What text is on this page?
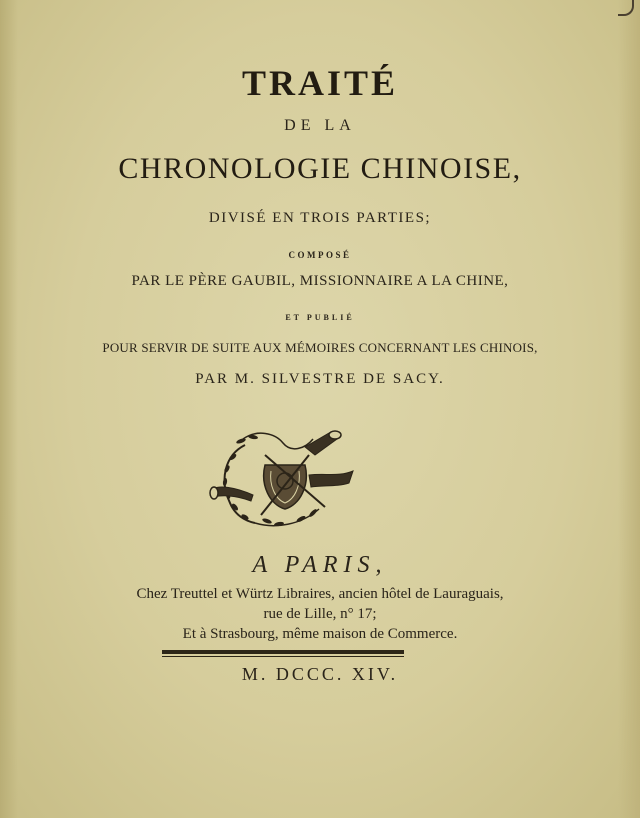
TRAITÉ
DE LA
CHRONOLOGIE CHINOISE,
DIVISÉ EN TROIS PARTIES;
COMPOSÉ
PAR LE PÈRE GAUBIL, MISSIONNAIRE A LA CHINE,
ET PUBLIÉ
POUR SERVIR DE SUITE AUX MÉMOIRES CONCERNANT LES CHINOIS,
PAR M. SILVESTRE DE SACY.
A PARIS,
Chez Treuttel et Würtz Libraires, ancien hôtel de Lauraguais,
rue de Lille, n° 17;
Et à Strasbourg, même maison de Commerce.
M. DCCC. XIV.
